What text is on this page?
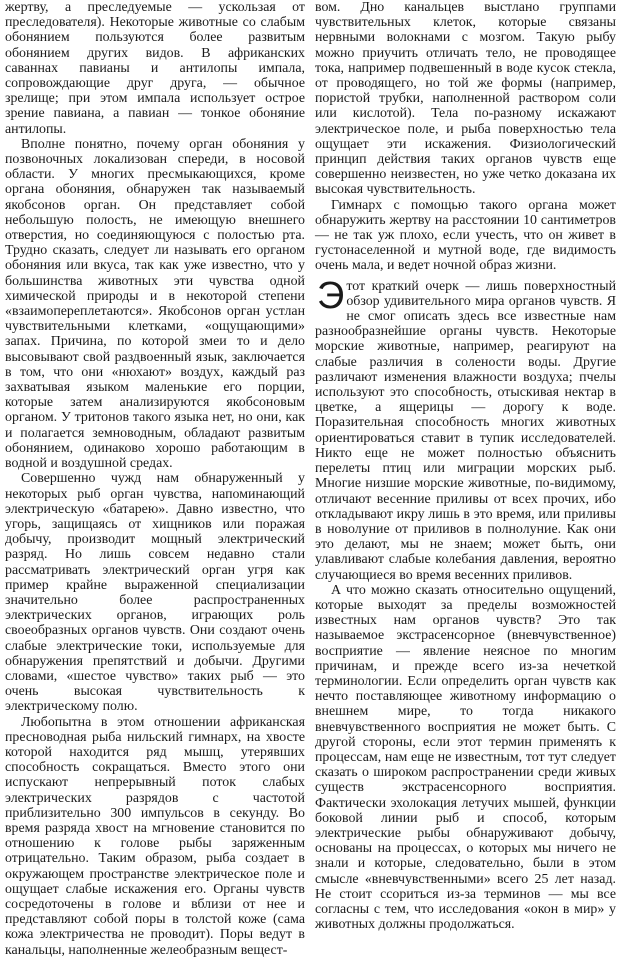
жертву, а преследуемые — ускользая от преследователя). Некоторые животные со слабым обонянием пользуются более развитым обонянием других видов. В африканских саваннах павианы и антилопы импала, сопровождающие друг друга, — обычное зрелище; при этом импала использует острое зрение павиана, а павиан — тонкое обоняние антилопы.

Вполне понятно, почему орган обоняния у позвоночных локализован спереди, в носовой области. У многих пресмыкающихся, кроме органа обоняния, обнаружен так называемый якобсонов орган. Он представляет собой небольшую полость, не имеющую внешнего отверстия, но соединяющуюся с полостью рта. Трудно сказать, следует ли называть его органом обоняния или вкуса, так как уже известно, что у большинства животных эти чувства одной химической природы и в некоторой степени «взаимопереплетаются». Якобсонов орган устлан чувствительными клетками, «ощущающими» запах. Причина, по которой змеи то и дело высовывают свой раздвоенный язык, заключается в том, что они «нюхают» воздух, каждый раз захватывая языком маленькие его порции, которые затем анализируются якобсоновым органом. У тритонов такого языка нет, но они, как и полагается земноводным, обладают развитым обонянием, одинаково хорошо работающим в водной и воздушной средах.

Совершенно чужд нам обнаруженный у некоторых рыб орган чувства, напоминающий электрическую «батарею». Давно известно, что угорь, защищаясь от хищников или поражая добычу, производит мощный электрический разряд. Но лишь совсем недавно стали рассматривать электрический орган угря как пример крайне выраженной специализации значительно более распространенных электрических органов, играющих роль своеобразных органов чувств. Они создают очень слабые электрические токи, используемые для обнаружения препятствий и добычи. Другими словами, «шестое чувство» таких рыб — это очень высокая чувствительность к электрическому полю.

Любопытна в этом отношении африканская пресноводная рыба нильский гимнарх, на хвосте которой находится ряд мышц, утерявших способность сокращаться. Вместо этого они испускают непрерывный поток слабых электрических разрядов с частотой приблизительно 300 импульсов в секунду. Во время разряда хвост на мгновение становится по отношению к голове рыбы заряженным отрицательно. Таким образом, рыба создает в окружающем пространстве электрическое поле и ощущает слабые искажения его. Органы чувств сосредоточены в голове и вблизи от нее и представляют собой поры в толстой коже (сама кожа электричества не проводит). Поры ведут в канальцы, наполненные желеобразным вещест-

вом. Дно канальцев выстлано группами чувствительных клеток, которые связаны нервными волокнами с мозгом. Такую рыбу можно приучить отличать тело, не проводящее тока, например подвешенный в воде кусок стекла, от проводящего, но той же формы (например, пористой трубки, наполненной раствором соли или кислотой). Тела по-разному искажают электрическое поле, и рыба поверхностью тела ощущает эти искажения. Физиологический принцип действия таких органов чувств еще совершенно неизвестен, но уже четко доказана их высокая чувствительность.

Гимнарх с помощью такого органа может обнаружить жертву на расстоянии 10 сантиметров — не так уж плохо, если учесть, что он живет в густонаселенной и мутной воде, где видимость очень мала, и ведет ночной образ жизни.

Этот краткий очерк — лишь поверхностный обзор удивительного мира органов чувств. Я не смог описать здесь все известные нам разнообразнейшие органы чувств. Некоторые морские животные, например, реагируют на слабые различия в солености воды. Другие различают изменения влажности воздуха; пчелы используют это способность, отыскивая нектар в цветке, а ящерицы — дорогу к воде. Поразительная способность многих животных ориентироваться ставит в тупик исследователей. Никто еще не может полностью объяснить перелеты птиц или миграции морских рыб. Многие низшие морские животные, по-видимому, отличают весенние приливы от всех прочих, ибо откладывают икру лишь в это время, или приливы в новолуние от приливов в полнолуние. Как они это делают, мы не знаем; может быть, они улавливают слабые колебания давления, вероятно случающиеся во время весенних приливов.

А что можно сказать относительно ощущений, которые выходят за пределы возможностей известных нам органов чувств? Это так называемое экстрасенсорное (вневчувственное) восприятие — явление неясное по многим причинам, и прежде всего из-за нечеткой терминологии. Если определить орган чувств как нечто поставляющее животному информацию о внешнем мире, то тогда никакого вневчувственного восприятия не может быть. С другой стороны, если этот термин применять к процессам, нам еще не известным, тот тут следует сказать о широком распространении среди живых существ экстрасенсорного восприятия. Фактически эхолокация летучих мышей, функции боковой линии рыб и способ, которым электрические рыбы обнаруживают добычу, основаны на процессах, о которых мы ничего не знали и которые, следовательно, были в этом смысле «вневчувственными» всего 25 лет назад. Не стоит ссориться из-за терминов — мы все согласны с тем, что исследования «окон в мир» у животных должны продолжаться.
